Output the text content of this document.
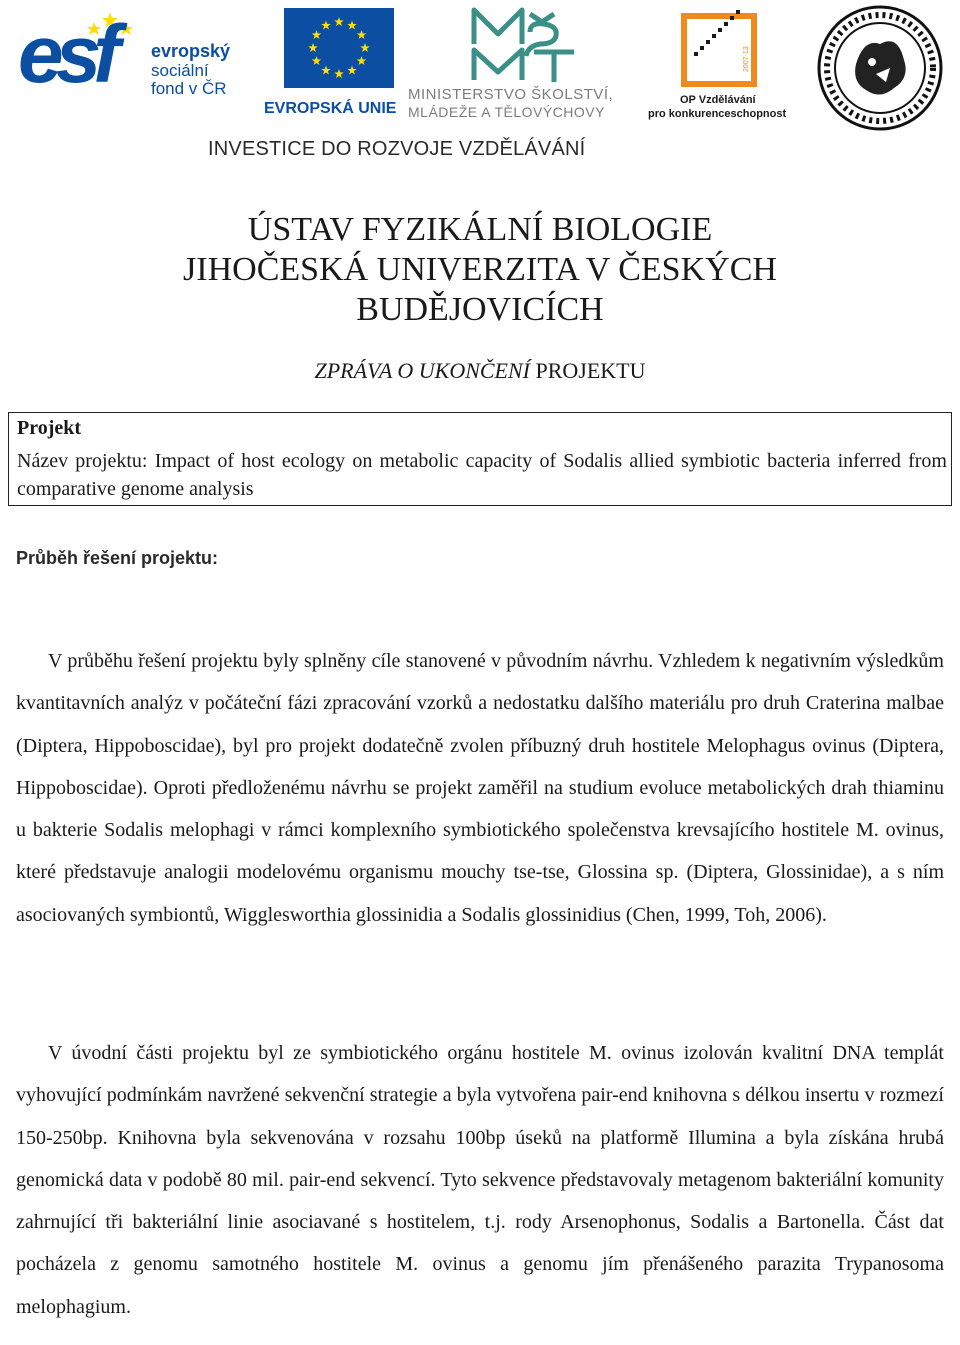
esf evropský
sociální
fond v ČR
EVROPSKÁ UNIE
MINISTERSTVO ŠKOLSTVÍ,
MLÁDEŽE A TĚLOVÝCHOVY
2007-13
OP Vzdělávání
pro konkurenceschopnost
INVESTICE DO ROZVOJE VZDĚLÁVÁNÍ
ÚSTAV FYZIKÁLNÍ BIOLOGIE
JIHOČESKÁ UNIVERZITA V ČESKÝCH
BUDĚJOVICÍCH
ZPRÁVA O UKONČENÍ PROJEKTU
Projekt
Název projektu: Impact of host ecology on metabolic capacity of Sodalis allied symbiotic bacteria inferred from comparative genome analysis
Průběh řešení projektu:

V průběhu řešení projektu byly splněny cíle stanovené v původním návrhu. Vzhledem k negativním výsledkům kvantitavních analýz v počáteční fázi zpracování vzorků a nedostatku dalšího materiálu pro druh Craterina malbae (Diptera, Hippoboscidae), byl pro projekt dodatečně zvolen příbuzný druh hostitele Melophagus ovinus (Diptera, Hippoboscidae). Oproti předloženému návrhu se projekt zaměřil na studium evoluce metabolických drah thiaminu u bakterie Sodalis melophagi v rámci komplexního symbiotického společenstva krevsajícího hostitele M. ovinus, které představuje analogii modelovému organismu mouchy tse-tse, Glossina sp. (Diptera, Glossinidae), a s ním asociovaných symbiontů, Wigglesworthia glossinidia a Sodalis glossinidius (Chen, 1999, Toh, 2006).

V úvodní části projektu byl ze symbiotického orgánu hostitele M. ovinus izolován kvalitní DNA templát vyhovující podmínkám navržené sekvenční strategie a byla vytvořena pair-end knihovna s délkou insertu v rozmezí 150-250bp. Knihovna byla sekvenována v rozsahu 100bp úseků na platformě Illumina a byla získána hrubá genomická data v podobě 80 mil. pair-end sekvencí. Tyto sekvence představovaly metagenom bakteriální komunity zahrnující tři bakteriální linie asociavané s hostitelem, t.j. rody Arsenophonus, Sodalis a Bartonella. Část dat pocházela z genomu samotného hostitele M. ovinus a genomu jím přenášeného parazita Trypanosoma melophagium.
